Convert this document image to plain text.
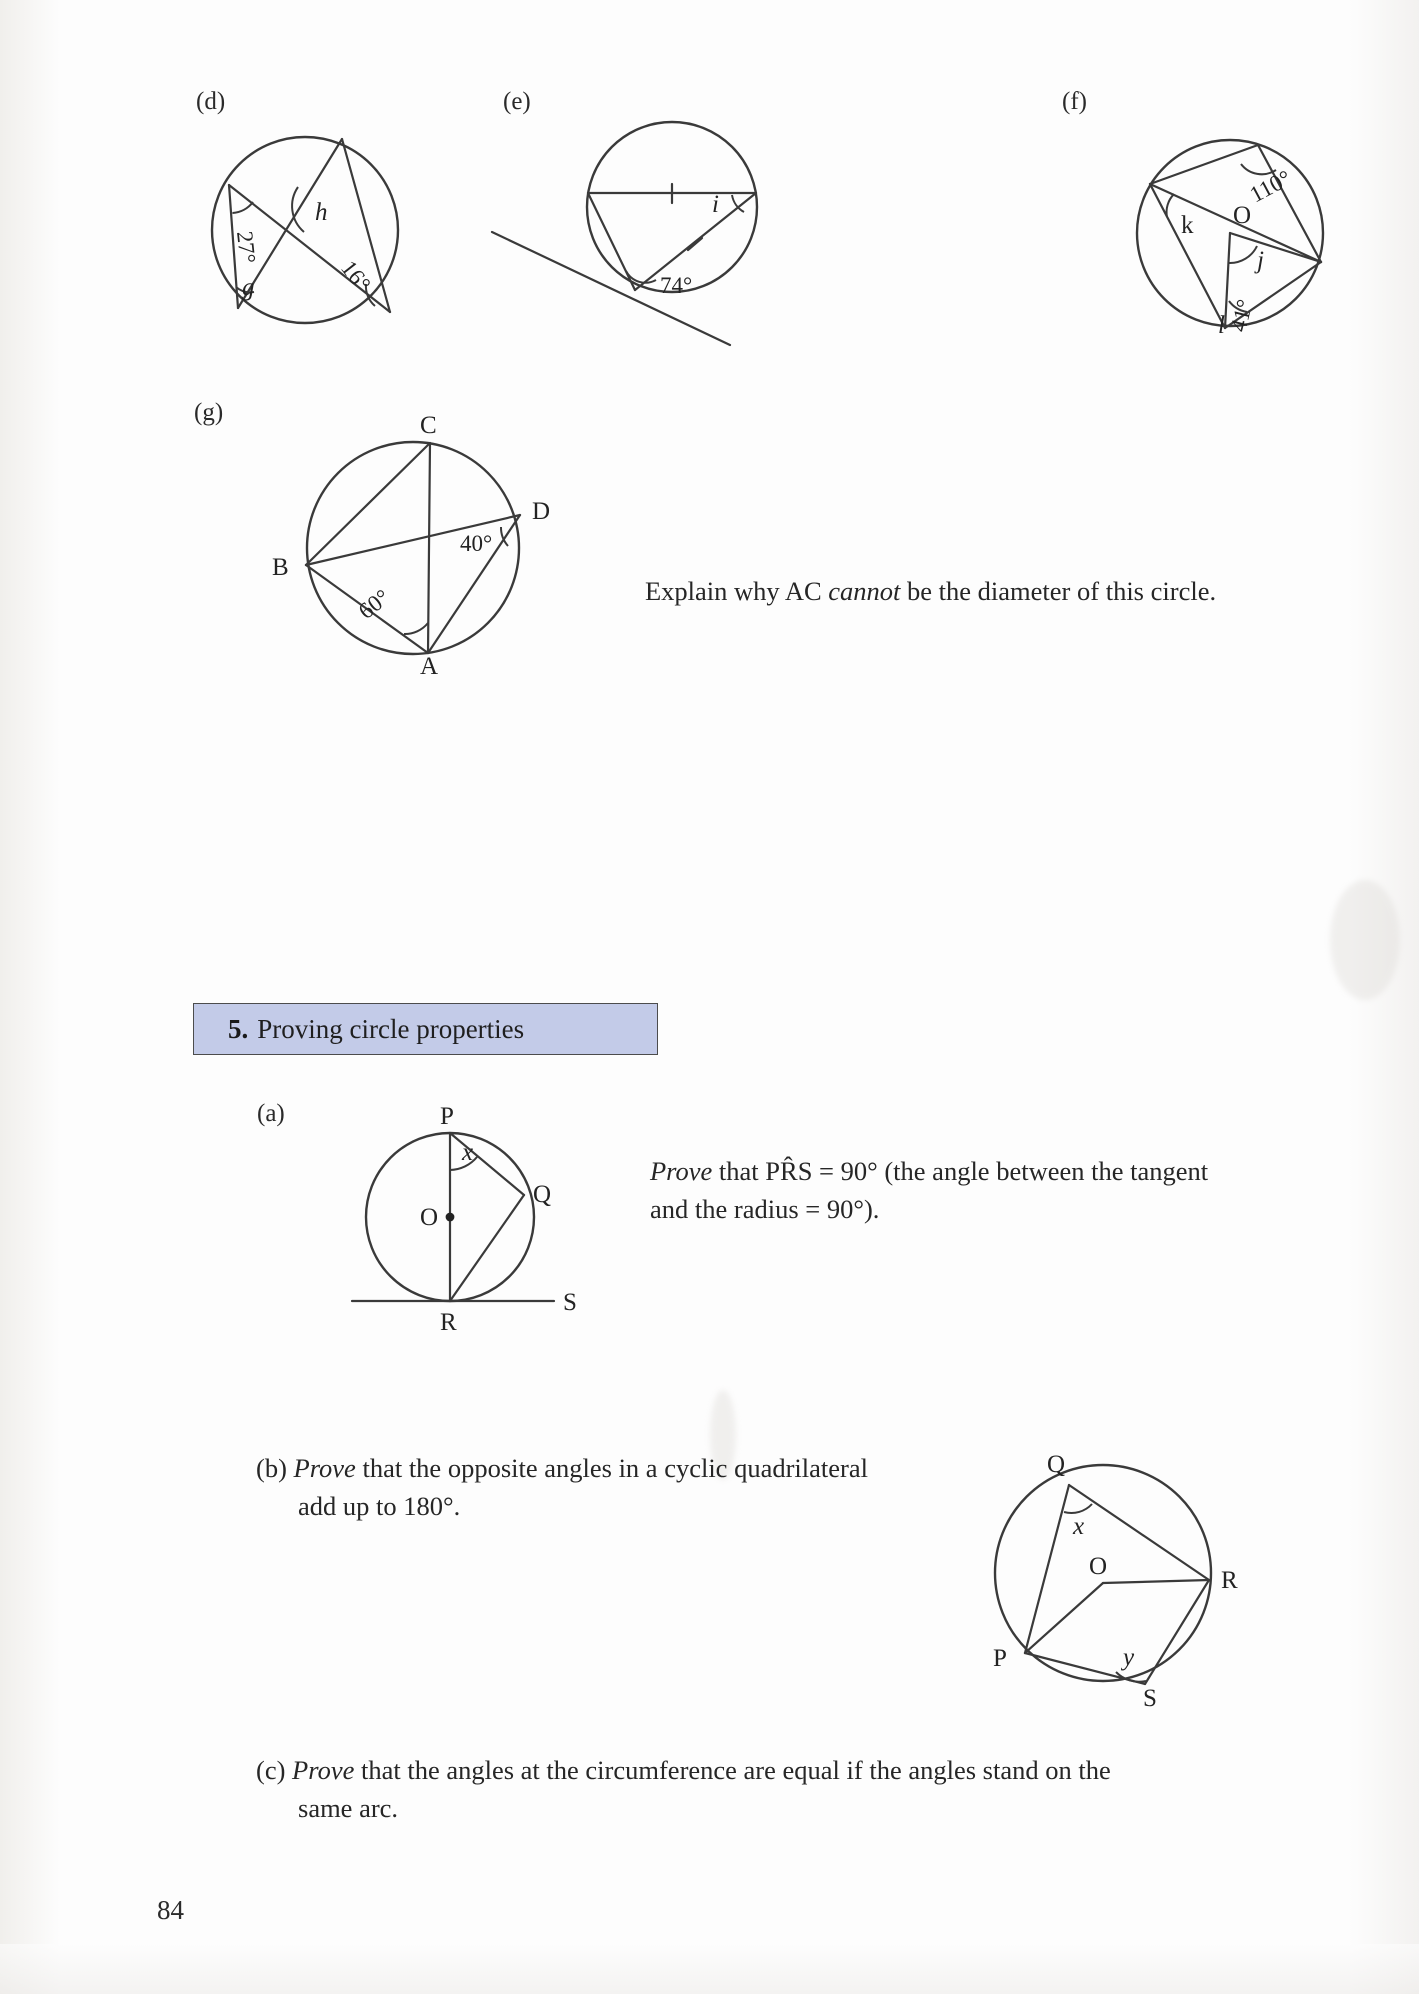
(d)
27°
g
h
16°
(e)
i
74°
(f)
110°
k O
j
l 41°
(g)	C
B
D
A
40°
60°	Explain why AC cannot be the diameter of this circle.
5. Proving circle properties
(a)	P
Q
O
R
S
x
Prove that PR̂S = 90° (the angle between the tangent
and the radius = 90°).
(b) Prove that the opposite angles in a cyclic quadrilateral
add up to 180°.
Q
R
P
S
O
x
y
(c) Prove that the angles at the circumference are equal if the angles stand on the
same arc.
84
